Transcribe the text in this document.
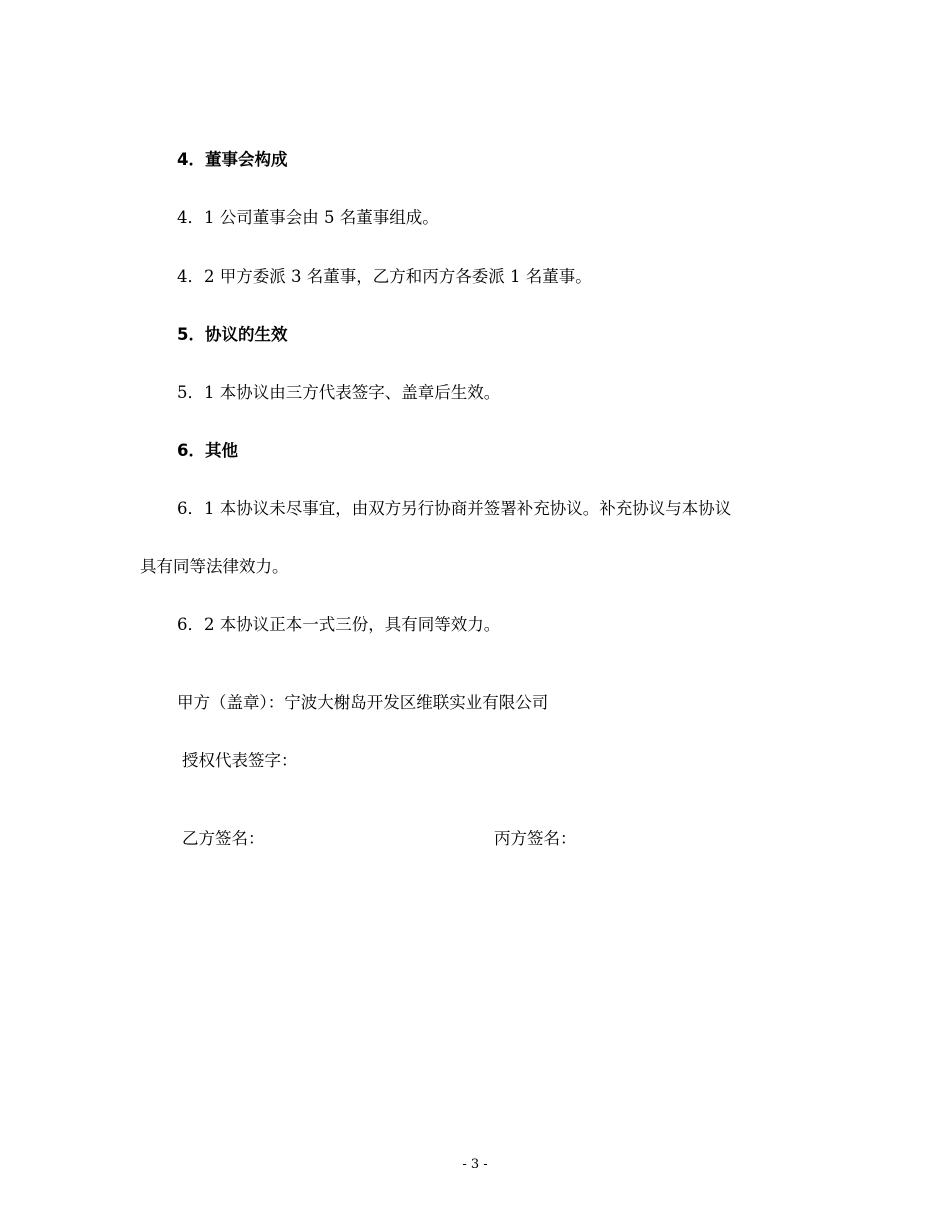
4．董事会构成

4．1 公司董事会由 5 名董事组成。

4．2 甲方委派 3 名董事，乙方和丙方各委派 1 名董事。

5．协议的生效

5．1 本协议由三方代表签字、盖章后生效。

6．其他

6．1 本协议未尽事宜，由双方另行协商并签署补充协议。补充协议与本协议

具有同等法律效力。

6．2 本协议正本一式三份，具有同等效力。

甲方（盖章）：宁波大榭岛开发区维联实业有限公司

授权代表签字：

乙方签名：	丙方签名：

- 3 -
